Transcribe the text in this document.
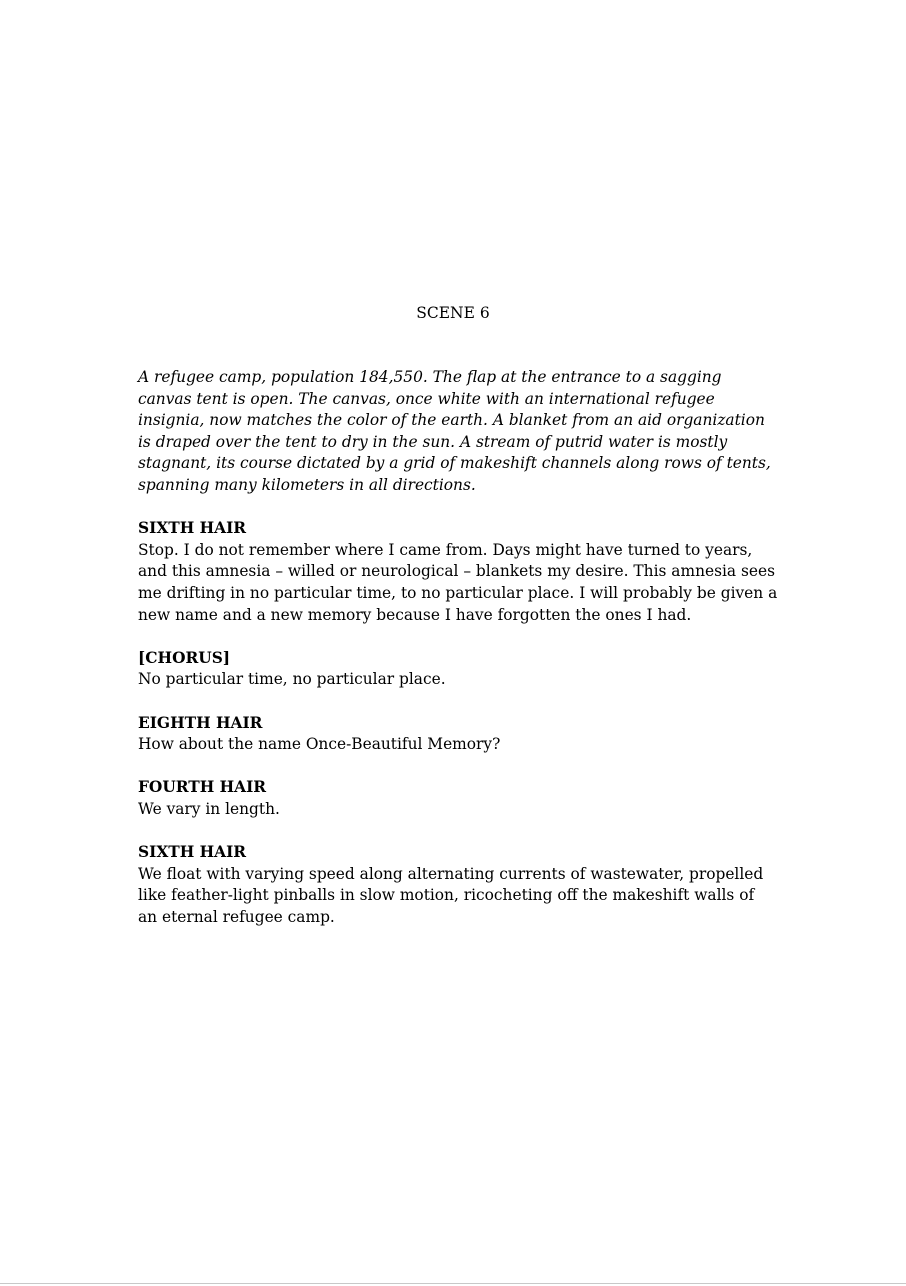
SCENE 6

A refugee camp, population 184,550. The flap at the entrance to a sagging canvas tent is open. The canvas, once white with an international refugee insignia, now matches the color of the earth. A blanket from an aid organization is draped over the tent to dry in the sun. A stream of putrid water is mostly stagnant, its course dictated by a grid of makeshift channels along rows of tents, spanning many kilometers in all directions.

SIXTH HAIR
Stop. I do not remember where I came from. Days might have turned to years, and this amnesia – willed or neurological – blankets my desire. This amnesia sees me drifting in no particular time, to no particular place. I will probably be given a new name and a new memory because I have forgotten the ones I had.
[CHORUS]
No particular time, no particular place.
EIGHTH HAIR
How about the name Once-Beautiful Memory?
FOURTH HAIR
We vary in length.
SIXTH HAIR
We float with varying speed along alternating currents of wastewater, propelled like feather-light pinballs in slow motion, ricocheting off the makeshift walls of an eternal refugee camp.
